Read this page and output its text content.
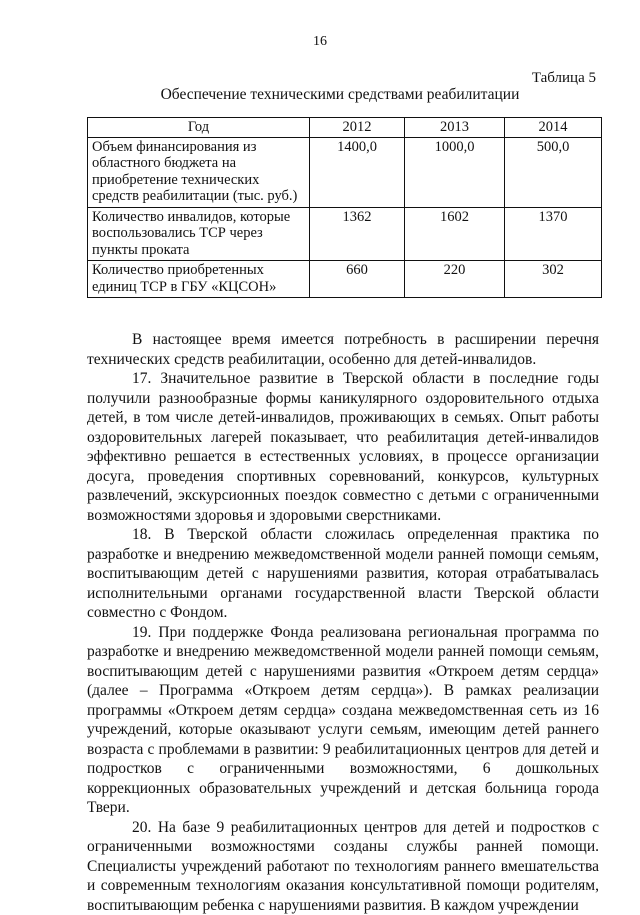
16
Таблица 5
Обеспечение техническими средствами реабилитации
Год	2012	2013	2014
Объем финансирования из областного бюджета на приобретение технических средств реабилитации (тыс. руб.)	1400,0	1000,0	500,0
Количество инвалидов, которые воспользовались ТСР через пункты проката	1362	1602	1370
Количество приобретенных единиц ТСР в ГБУ «КЦСОН»	660	220	302

В настоящее время имеется потребность в расширении перечня технических средств реабилитации, особенно для детей-инвалидов.

17. Значительное развитие в Тверской области в последние годы получили разнообразные формы каникулярного оздоровительного отдыха детей, в том числе детей-инвалидов, проживающих в семьях. Опыт работы оздоровительных лагерей показывает, что реабилитация детей-инвалидов эффективно решается в естественных условиях, в процессе организации досуга, проведения спортивных соревнований, конкурсов, культурных развлечений, экскурсионных поездок совместно с детьми с ограниченными возможностями здоровья и здоровыми сверстниками.

18. В Тверской области сложилась определенная практика по разработке и внедрению межведомственной модели ранней помощи семьям, воспитывающим детей с нарушениями развития, которая отрабатывалась исполнительными органами государственной власти Тверской области совместно с Фондом.

19. При поддержке Фонда реализована региональная программа по разработке и внедрению межведомственной модели ранней помощи семьям, воспитывающим детей с нарушениями развития «Откроем детям сердца» (далее – Программа «Откроем детям сердца»). В рамках реализации программы «Откроем детям сердца» создана межведомственная сеть из 16 учреждений, которые оказывают услуги семьям, имеющим детей раннего возраста с проблемами в развитии: 9 реабилитационных центров для детей и подростков с ограниченными возможностями, 6 дошкольных коррекционных образовательных учреждений и детская больница города Твери.

20. На базе 9 реабилитационных центров для детей и подростков с ограниченными возможностями созданы службы ранней помощи. Специалисты учреждений работают по технологиям раннего вмешательства и современным технологиям оказания консультативной помощи родителям, воспитывающим ребенка с нарушениями развития. В каждом учреждении
